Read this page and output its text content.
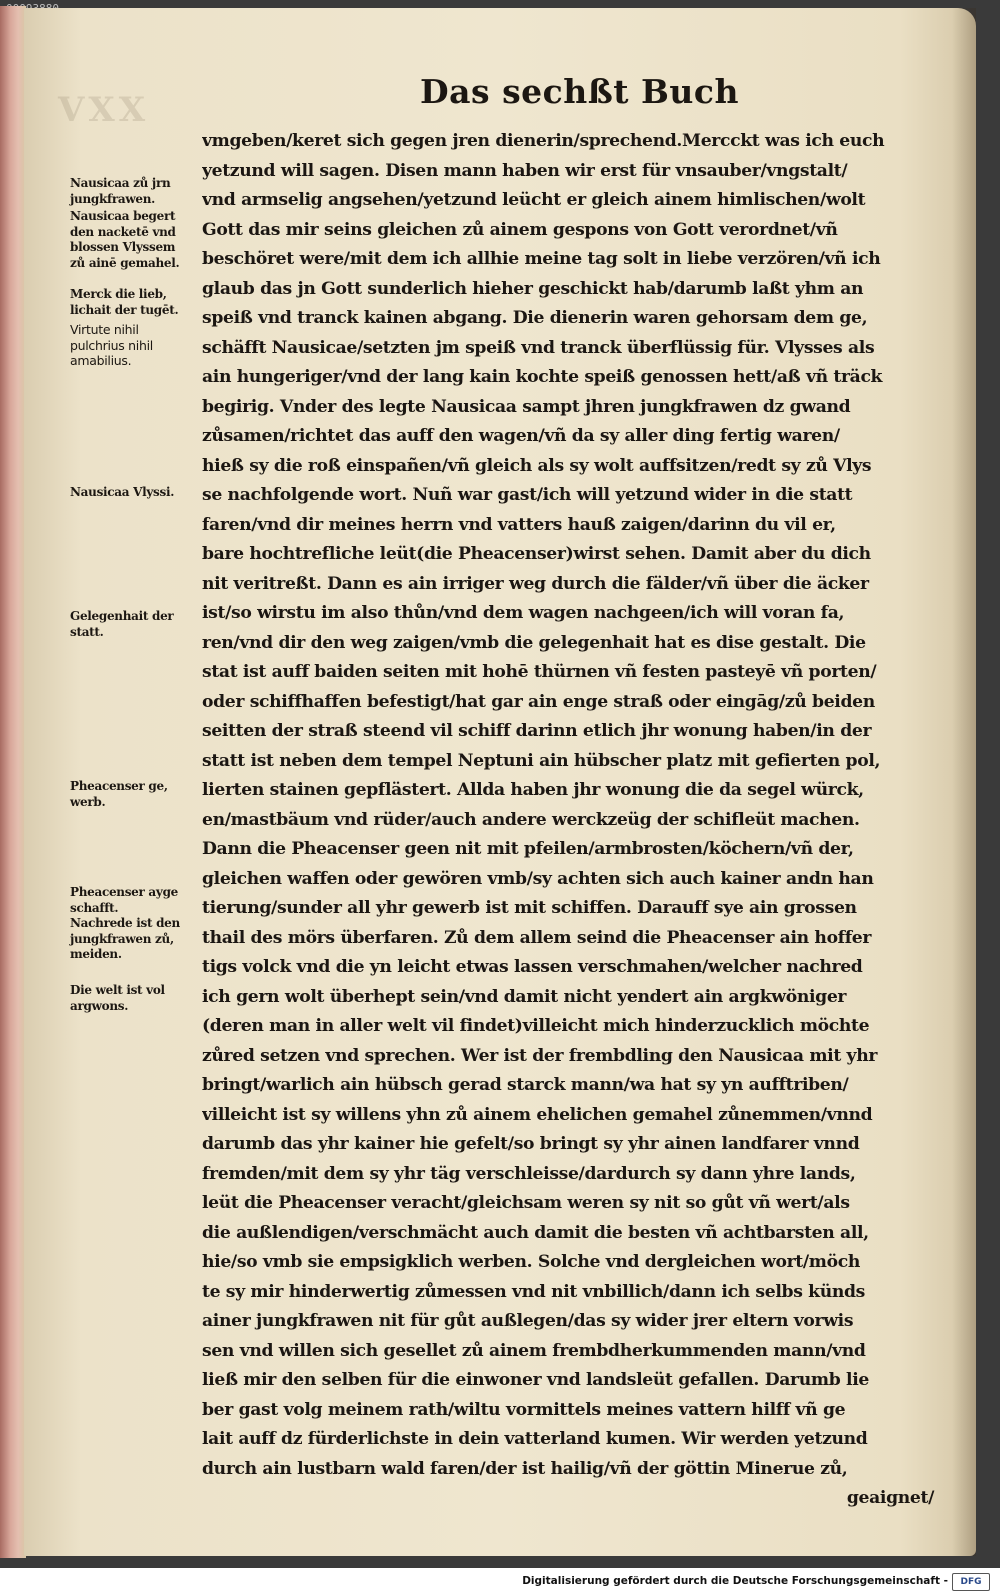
VXX	Das sechßt Buch
vmgeben/keret sich gegen jren dienerin/sprechend.Mercckt was ich euch
yetzund will sagen. Disen mann haben wir erst für vnsauber/vngstalt/
vnd armselig angsehen/yetzund leücht er gleich ainem himlischen/wolt
Gott das mir seins gleichen zů ainem gespons von Gott verordnet/vñ
beschöret were/mit dem ich allhie meine tag solt in liebe verzören/vñ ich
glaub das jn Gott sunderlich hieher geschickt hab/darumb laßt yhm an
speiß vnd tranck kainen abgang. Die dienerin waren gehorsam dem ge,
schäfft Nausicae/setzten jm speiß vnd tranck überflüssig für. Vlysses als
ain hungeriger/vnd der lang kain kochte speiß genossen hett/aß vñ träck
begirig. Vnder des legte Nausicaa sampt jhren jungkfrawen dz gwand
zůsamen/richtet das auff den wagen/vñ da sy aller ding fertig waren/
hieß sy die roß einspañen/vñ gleich als sy wolt auffsitzen/redt sy zů Vlys
se nachfolgende wort. Nuñ war gast/ich will yetzund wider in die statt
faren/vnd dir meines herrn vnd vatters hauß zaigen/darinn du vil er,
bare hochtrefliche leüt(die Pheacenser)wirst sehen. Damit aber du dich
nit veritreßt. Dann es ain irriger weg durch die fälder/vñ über die äcker
ist/so wirstu im also thůn/vnd dem wagen nachgeen/ich will voran fa,
ren/vnd dir den weg zaigen/vmb die gelegenhait hat es dise gestalt. Die
stat ist auff baiden seiten mit hohē thürnen vñ festen pasteyē vñ porten/
oder schiffhaffen befestigt/hat gar ain enge straß oder eingāg/zů beiden
seitten der straß steend vil schiff darinn etlich jhr wonung haben/in der
statt ist neben dem tempel Neptuni ain hübscher platz mit gefierten pol,
lierten stainen gepflästert. Allda haben jhr wonung die da segel würck,
en/mastbäum vnd rüder/auch andere werckzeüg der schifleüt machen.
Dann die Pheacenser geen nit mit pfeilen/armbrosten/köchern/vñ der,
gleichen waffen oder gewören vmb/sy achten sich auch kainer andn han
tierung/sunder all yhr gewerb ist mit schiffen. Darauff sye ain grossen
thail des mörs überfaren. Zů dem allem seind die Pheacenser ain hoffer
tigs volck vnd die yn leicht etwas lassen verschmahen/welcher nachred
ich gern wolt überhept sein/vnd damit nicht yendert ain argkwöniger
(deren man in aller welt vil findet)villeicht mich hinderzucklich möchte
zůred setzen vnd sprechen. Wer ist der frembdling den Nausicaa mit yhr
bringt/warlich ain hübsch gerad starck mann/wa hat sy yn aufftriben/
villeicht ist sy willens yhn zů ainem ehelichen gemahel zůnemmen/vnnd
darumb das yhr kainer hie gefelt/so bringt sy yhr ainen landfarer vnnd
fremden/mit dem sy yhr täg verschleisse/dardurch sy dann yhre lands,
leüt die Pheacenser veracht/gleichsam weren sy nit so gůt vñ wert/als
die außlendigen/verschmächt auch damit die besten vñ achtbarsten all,
hie/so vmb sie empsigklich werben. Solche vnd dergleichen wort/möch
te sy mir hinderwertig zůmessen vnd nit vnbillich/dann ich selbs künds
ainer jungkfrawen nit für gůt außlegen/das sy wider jrer eltern vorwis
sen vnd willen sich gesellet zů ainem frembdherkummenden mann/vnd
ließ mir den selben für die einwoner vnd landsleüt gefallen. Darumb lie
ber gast volg meinem rath/wiltu vormittels meines vattern hilff vñ ge
lait auff dz fürderlichste in dein vatterland kumen. Wir werden yetzund
durch ain lustbarn wald faren/der ist hailig/vñ der göttin Minerue zů,
geaignet/
Nausicaa zů jrn
jungkfrawen.
Nausicaa begert
den nacketē vnd
blossen Vlyssem
zů ainē gemahel.
Merck die lieb,
lichait der tugēt.
Virtute nihil
pulchrius nihil
amabilius.
Nausicaa Vlyssi.
Gelegenhait der
statt.
Pheacenser ge,
werb.
Pheacenser ayge
schafft.
Nachrede ist den
jungkfrawen zů,
meiden.
Die welt ist vol
argwons.
Digitalisierung gefördert durch die Deutsche Forschungsgemeinschaft -	DFG
